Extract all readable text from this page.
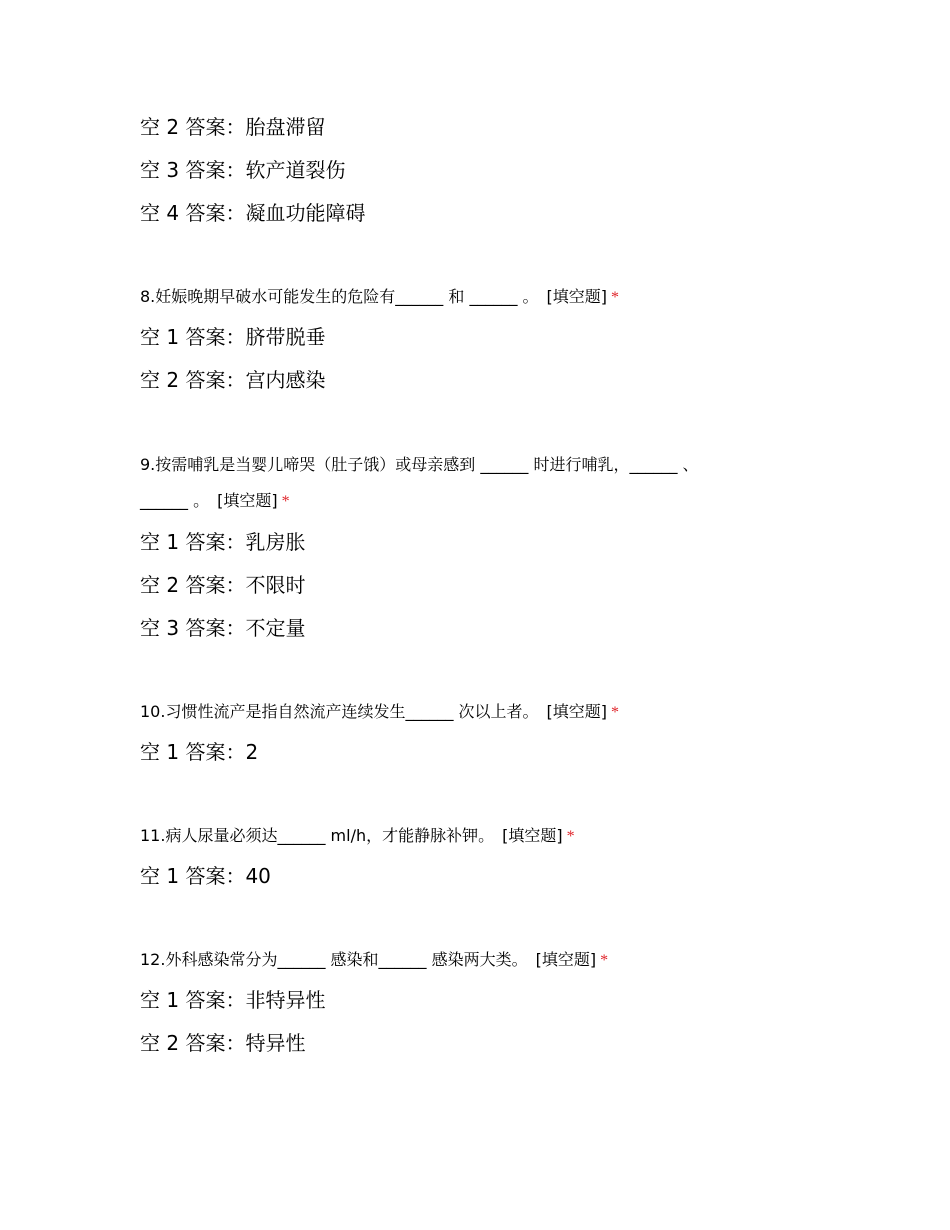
空 2 答案：胎盘滞留
空 3 答案：软产道裂伤
空 4 答案：凝血功能障碍
8.妊娠晚期早破水可能发生的危险有______ 和 ______ 。 [填空题] *
空 1 答案：脐带脱垂
空 2 答案：宫内感染
9.按需哺乳是当婴儿啼哭（肚子饿）或母亲感到 ______ 时进行哺乳，______ 、
______ 。 [填空题] *
空 1 答案：乳房胀
空 2 答案：不限时
空 3 答案：不定量
10.习惯性流产是指自然流产连续发生______ 次以上者。 [填空题] *
空 1 答案：2
11.病人尿量必须达______ ml/h，才能静脉补钾。 [填空题] *
空 1 答案：40
12.外科感染常分为______ 感染和______ 感染两大类。 [填空题] *
空 1 答案：非特异性
空 2 答案：特异性
